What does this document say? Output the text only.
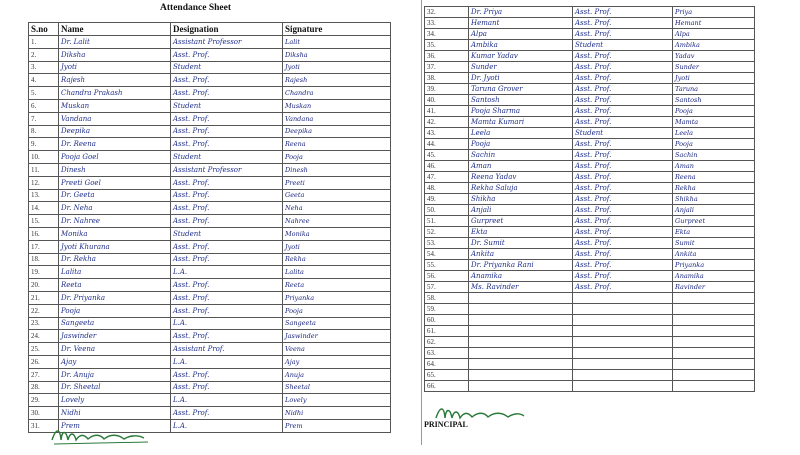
Attendance Sheet
S.no	Name	Designation	Signature
1.	Dr. Lalit	Assistant Professor	Lalit
2.	Diksha	Asst. Prof.	Diksha
3.	Jyoti	Student	Jyoti
4.	Rajesh	Asst. Prof.	Rajesh
5.	Chandra Prakash	Asst. Prof.	Chandra
6.	Muskan	Student	Muskan
7.	Vandana	Asst. Prof.	Vandana
8.	Deepika	Asst. Prof.	Deepika
9.	Dr. Reena	Asst. Prof.	Reena
10.	Pooja Goel	Student	Pooja
11.	Dinesh	Assistant Professor	Dinesh
12.	Preeti Goel	Asst. Prof.	Preeti
13.	Dr. Geeta	Asst. Prof.	Geeta
14.	Dr. Neha	Asst. Prof.	Neha
15.	Dr. Nahree	Asst. Prof.	Nahree
16.	Monika	Student	Monika
17.	Jyoti Khurana	Asst. Prof.	Jyoti
18.	Dr. Rekha	Asst. Prof.	Rekha
19.	Lalita	L.A.	Lalita
20.	Reeta	Asst. Prof.	Reeta
21.	Dr. Priyanka	Asst. Prof.	Priyanka
22.	Pooja	Asst. Prof.	Pooja
23.	Sangeeta	L.A.	Sangeeta
24.	Jaswinder	Asst. Prof.	Jaswinder
25.	Dr. Veena	Assistant Prof.	Veena
26.	Ajay	L.A.	Ajay
27.	Dr. Anuja	Asst. Prof.	Anuja
28.	Dr. Sheetal	Asst. Prof.	Sheetal
29.	Lovely	L.A.	Lovely
30.	Nidhi	Asst. Prof.	Nidhi
31.	Prem	L.A.	Prem
32.	Dr. Priya	Asst. Prof.	Priya
33.	Hemant	Asst. Prof.	Hemant
34.	Alpa	Asst. Prof.	Alpa
35.	Ambika	Student	Ambika
36.	Kumar Yadav	Asst. Prof.	Yadav
37.	Sunder	Asst. Prof.	Sunder
38.	Dr. Jyoti	Asst. Prof.	Jyoti
39.	Taruna Grover	Asst. Prof.	Taruna
40.	Santosh	Asst. Prof.	Santosh
41.	Pooja Sharma	Asst. Prof.	Pooja
42.	Mamta Kumari	Asst. Prof.	Mamta
43.	Leela	Student	Leela
44.	Pooja	Asst. Prof.	Pooja
45.	Sachin	Asst. Prof.	Sachin
46.	Aman	Asst. Prof.	Aman
47.	Reena Yadav	Asst. Prof.	Reena
48.	Rekha Saluja	Asst. Prof.	Rekha
49.	Shikha	Asst. Prof.	Shikha
50.	Anjali	Asst. Prof.	Anjali
51.	Gurpreet	Asst. Prof.	Gurpreet
52.	Ekta	Asst. Prof.	Ekta
53.	Dr. Sumit	Asst. Prof.	Sumit
54.	Ankita	Asst. Prof.	Ankita
55.	Dr. Priyanka Rani	Asst. Prof.	Priyanka
56.	Anamika	Asst. Prof.	Anamika
57.	Ms. Ravinder	Asst. Prof.	Ravinder
58.			
59.			
60.			
61.			
62.			
63.			
64.			
65.			
66.			
PRINCIPAL
